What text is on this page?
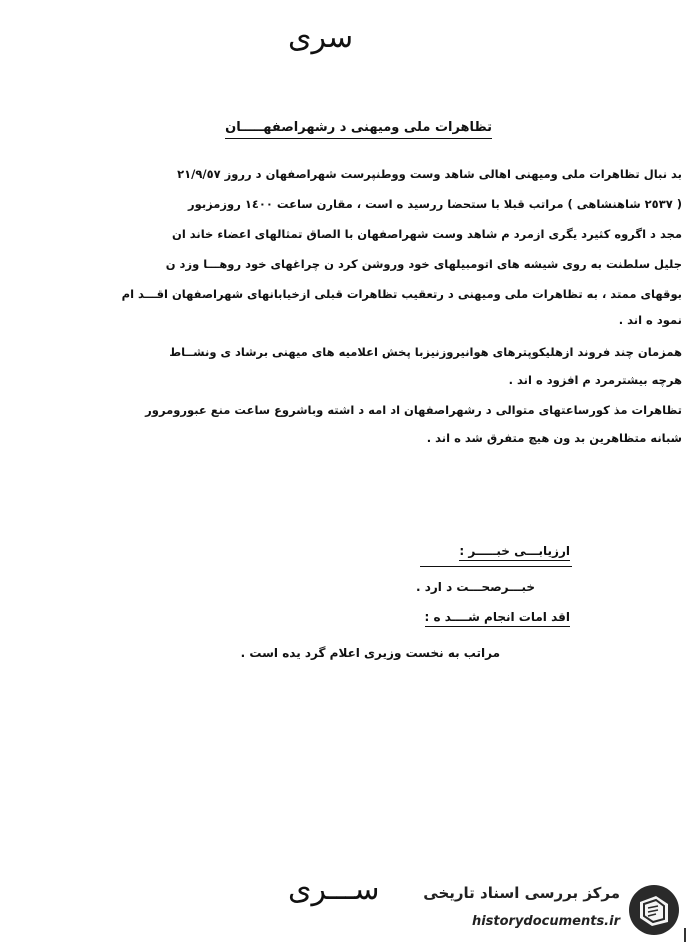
سری
تظاهرات ملی ومیهنی د رشهراصفهـــــان
بد نبال تظاهرات ملی ومیهنی اهالی شاهد وست ووطنپرست شهراصفهان د رروز ٢١/٩/٥٧
( ٢٥٣٧ شاهنشاهی ) مراتب قبلا با ستحضا ررسید ه است ، مقارن ساعت ١٤٠٠ روزمزبور
مجد د اگروه کثیرد یگری ازمرد م شاهد وست شهراصفهان با الصاق تمثالهای اعضاء خاند ان
جلیل سلطنت به روی شیشه های اتومبیلهای خود وروشن کرد ن چراغهای خود روهـــا وزد ن
بوقهای ممتد ، به تظاهرات ملی ومیهنی د رتعقیب تظاهرات قبلی ازخیابانهای شهراصفهان اقـــد ام
نمود ه اند .
همزمان چند فروند ازهلیکوپترهای هوانیروزنیزبا پخش اعلامیه های میهنی برشاد ی ونشــاط
هرچه بیشترمرد م افزود ه اند .
تظاهرات مذ کورساعتهای متوالی د رشهراصفهان اد امه د اشته وباشروع ساعت منع عبورومرور
شبانه متظاهرین بد ون هیچ متفرق شد ه اند .
ارزیابـــی خبـــــر :
خبـــرصحـــت د ارد .
اقد امات انجام شــــد ه :
مراتب به نخست وزیری اعلام گرد یده است .
ســـری	مرکز بررسی اسناد تاریخی
historydocuments.ir
